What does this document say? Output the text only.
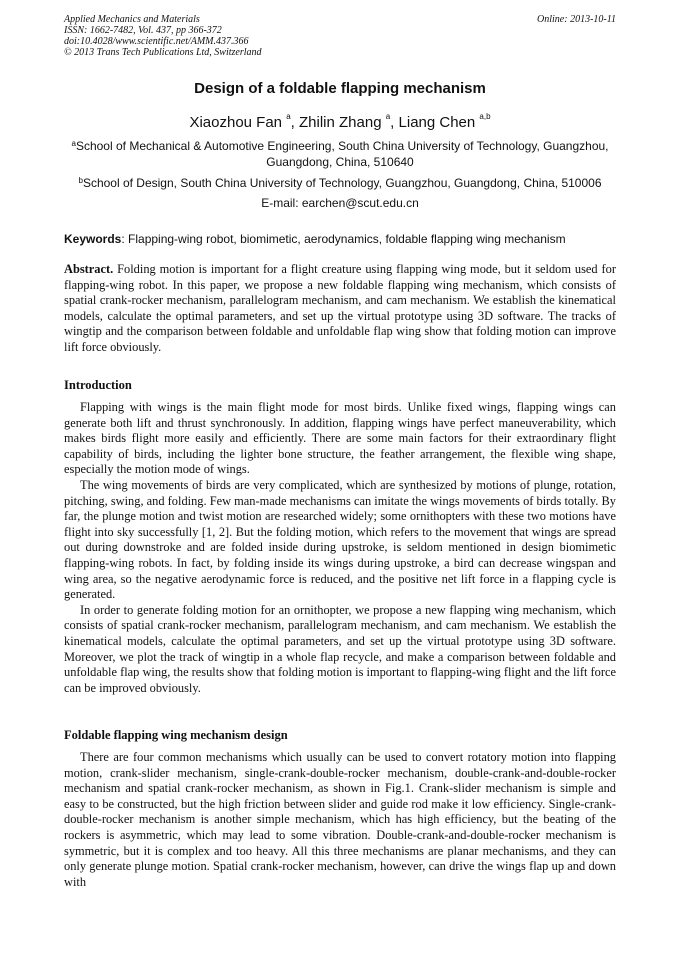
Applied Mechanics and Materials
ISSN: 1662-7482, Vol. 437, pp 366-372
doi:10.4028/www.scientific.net/AMM.437.366
© 2013 Trans Tech Publications Ltd, Switzerland
Online: 2013-10-11
Design of a foldable flapping mechanism
Xiaozhou Fan $^a$, Zhilin Zhang $^a$, Liang Chen $^{a,b}$
$^a$School of Mechanical & Automotive Engineering, South China University of Technology, Guangzhou, Guangdong, China, 510640
$^b$School of Design, South China University of Technology, Guangzhou, Guangdong, China, 510006
E-mail: earchen@scut.edu.cn
Keywords: Flapping-wing robot, biomimetic, aerodynamics, foldable flapping wing mechanism

Abstract. Folding motion is important for a flight creature using flapping wing mode, but it seldom used for flapping-wing robot. In this paper, we propose a new foldable flapping wing mechanism, which consists of spatial crank-rocker mechanism, parallelogram mechanism, and cam mechanism. We establish the kinematical models, calculate the optimal parameters, and set up the virtual prototype using 3D software. The tracks of wingtip and the comparison between foldable and unfoldable flap wing show that folding motion can improve lift force obviously.

Introduction

Flapping with wings is the main flight mode for most birds. Unlike fixed wings, flapping wings can generate both lift and thrust synchronously. In addition, flapping wings have perfect maneuverability, which makes birds flight more easily and efficiently. There are some main factors for their extraordinary flight capability of birds, including the lighter bone structure, the feather arrangement, the flexible wing shape, especially the motion mode of wings.

The wing movements of birds are very complicated, which are synthesized by motions of plunge, rotation, pitching, swing, and folding. Few man-made mechanisms can imitate the wings movements of birds totally. By far, the plunge motion and twist motion are researched widely; some ornithopters with these two motions have flight into sky successfully [1, 2]. But the folding motion, which refers to the movement that wings are spread out during downstroke and are folded inside during upstroke, is seldom mentioned in design biomimetic flapping-wing robots. In fact, by folding inside its wings during upstroke, a bird can decrease wingspan and wing area, so the negative aerodynamic force is reduced, and the positive net lift force in a flapping cycle is generated.

In order to generate folding motion for an ornithopter, we propose a new flapping wing mechanism, which consists of spatial crank-rocker mechanism, parallelogram mechanism, and cam mechanism. We establish the kinematical models, calculate the optimal parameters, and set up the virtual prototype using 3D software. Moreover, we plot the track of wingtip in a whole flap recycle, and make a comparison between foldable and unfoldable flap wing, the results show that folding motion is important to flapping-wing flight and the lift force can be improved obviously.

Foldable flapping wing mechanism design

There are four common mechanisms which usually can be used to convert rotatory motion into flapping motion, crank-slider mechanism, single-crank-double-rocker mechanism, double-crank-and-double-rocker mechanism and spatial crank-rocker mechanism, as shown in Fig.1. Crank-slider mechanism is simple and easy to be constructed, but the high friction between slider and guide rod make it low efficiency. Single-crank-double-rocker mechanism is another simple mechanism, which has high efficiency, but the beating of the rockers is asymmetric, which may lead to some vibration. Double-crank-and-double-rocker mechanism is symmetric, but it is complex and too heavy. All this three mechanisms are planar mechanisms, and they can only generate plunge motion. Spatial crank-rocker mechanism, however, can drive the wings flap up and down with
